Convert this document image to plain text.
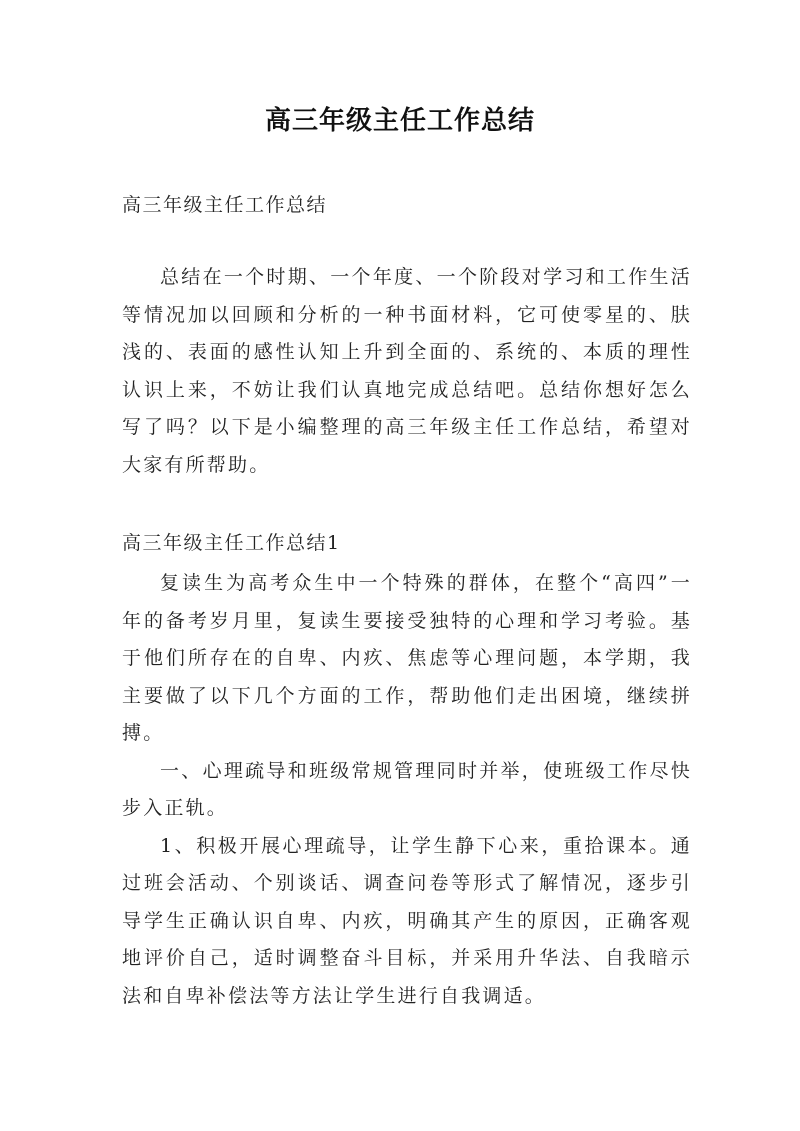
高三年级主任工作总结
高三年级主任工作总结

总结在一个时期、一个年度、一个阶段对学习和工作生活等情况加以回顾和分析的一种书面材料，它可使零星的、肤浅的、表面的感性认知上升到全面的、系统的、本质的理性认识上来，不妨让我们认真地完成总结吧。总结你想好怎么写了吗？以下是小编整理的高三年级主任工作总结，希望对大家有所帮助。

高三年级主任工作总结1

复读生为高考众生中一个特殊的群体，在整个“高四”一年的备考岁月里，复读生要接受独特的心理和学习考验。基于他们所存在的自卑、内疚、焦虑等心理问题，本学期，我主要做了以下几个方面的工作，帮助他们走出困境，继续拼搏。

一、心理疏导和班级常规管理同时并举，使班级工作尽快步入正轨。

1、积极开展心理疏导，让学生静下心来，重拾课本。通过班会活动、个别谈话、调查问卷等形式了解情况，逐步引导学生正确认识自卑、内疚，明确其产生的原因，正确客观地评价自己，适时调整奋斗目标，并采用升华法、自我暗示法和自卑补偿法等方法让学生进行自我调适。
